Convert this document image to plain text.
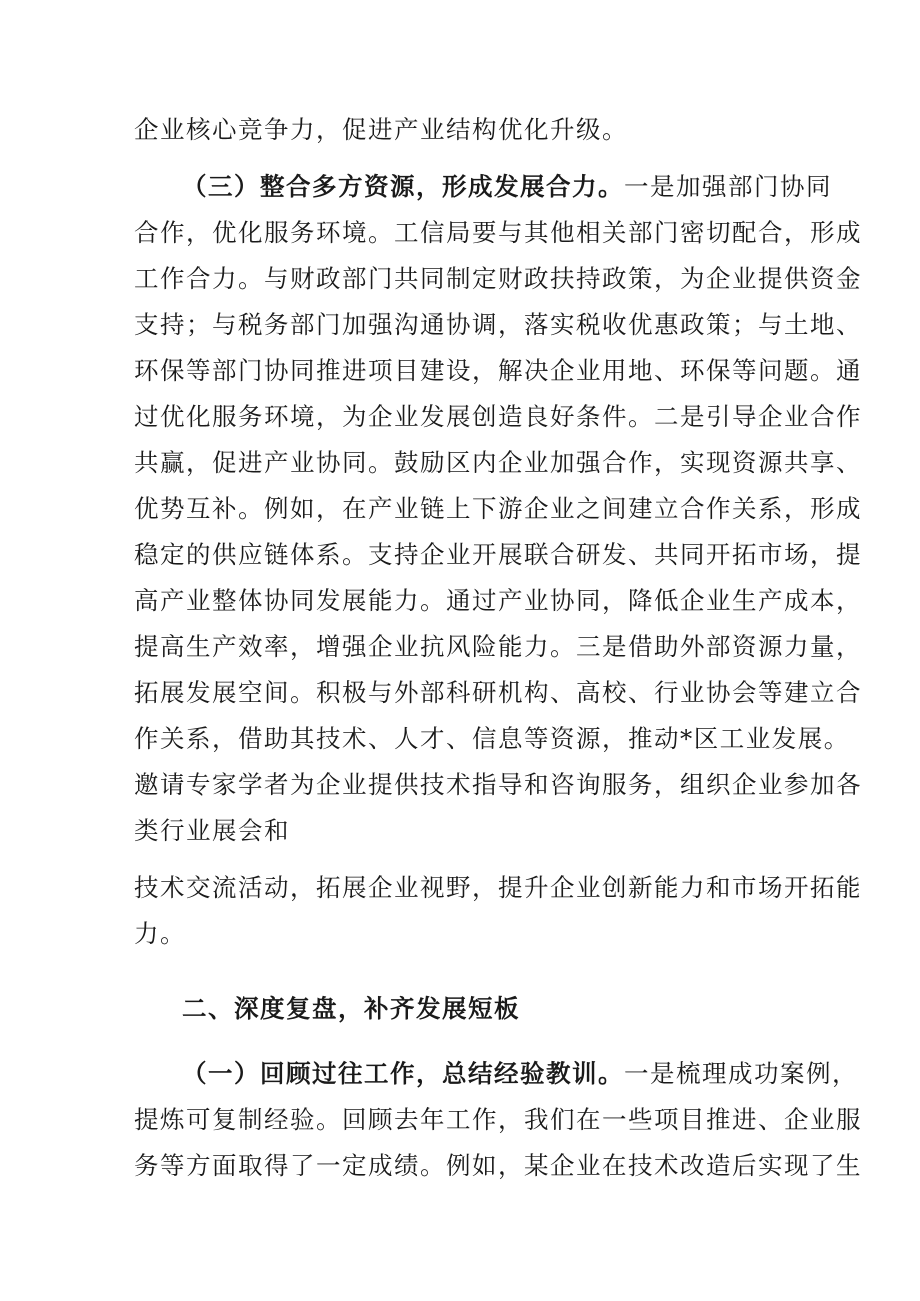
企业核心竞争力，促进产业结构优化升级。
（三）整合多方资源，形成发展合力。一是加强部门协同
合作，优化服务环境。工信局要与其他相关部门密切配合，形成
工作合力。与财政部门共同制定财政扶持政策，为企业提供资金
支持；与税务部门加强沟通协调，落实税收优惠政策；与土地、
环保等部门协同推进项目建设，解决企业用地、环保等问题。通
过优化服务环境，为企业发展创造良好条件。二是引导企业合作
共赢，促进产业协同。鼓励区内企业加强合作，实现资源共享、
优势互补。例如，在产业链上下游企业之间建立合作关系，形成
稳定的供应链体系。支持企业开展联合研发、共同开拓市场，提
高产业整体协同发展能力。通过产业协同，降低企业生产成本，
提高生产效率，增强企业抗风险能力。三是借助外部资源力量，
拓展发展空间。积极与外部科研机构、高校、行业协会等建立合
作关系，借助其技术、人才、信息等资源，推动*区工业发展。
邀请专家学者为企业提供技术指导和咨询服务，组织企业参加各
类行业展会和
技术交流活动，拓展企业视野，提升企业创新能力和市场开拓能
力。
二、深度复盘，补齐发展短板
（一）回顾过往工作，总结经验教训。一是梳理成功案例，
提炼可复制经验。回顾去年工作，我们在一些项目推进、企业服
务等方面取得了一定成绩。例如，某企业在技术改造后实现了生
